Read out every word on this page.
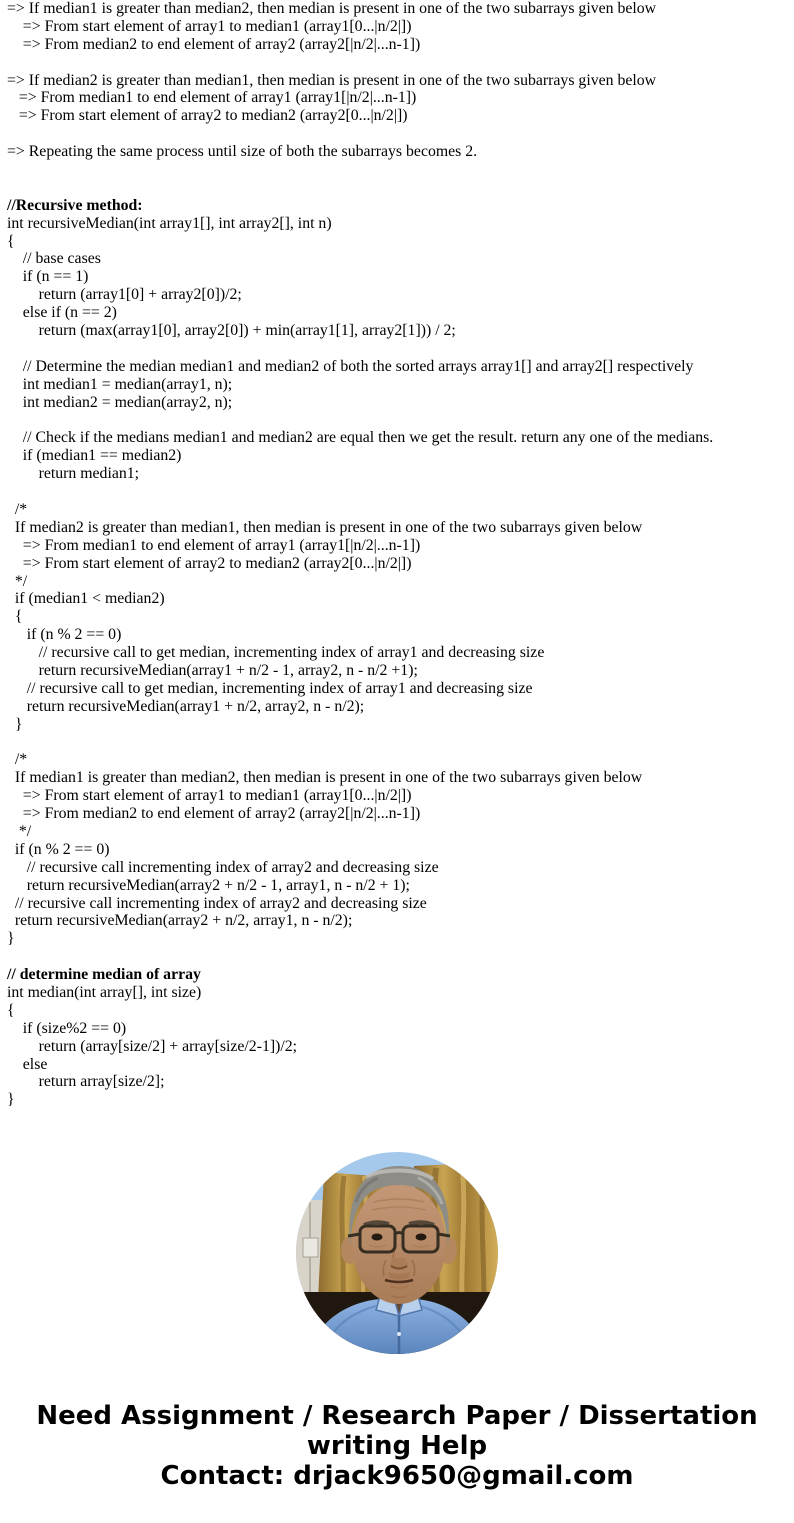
=> If median1 is greater than median2, then median is present in one of the two subarrays given below
=> From start element of array1 to median1 (array1[0...|n/2|])
=> From median2 to end element of array2 (array2[|n/2|...n-1])

=> If median2 is greater than median1, then median is present in one of the two subarrays given below
=> From median1 to end element of array1 (array1[|n/2|...n-1])
=> From start element of array2 to median2 (array2[0...|n/2|])

=> Repeating the same process until size of both the subarrays becomes 2.

//Recursive method:
int recursiveMedian(int array1[], int array2[], int n)
{
// base cases
if (n == 1)
return (array1[0] + array2[0])/2;
else if (n == 2)
return (max(array1[0], array2[0]) + min(array1[1], array2[1])) / 2;

// Determine the median median1 and median2 of both the sorted arrays array1[] and array2[] respectively
int median1 = median(array1, n);
int median2 = median(array2, n);

// Check if the medians median1 and median2 are equal then we get the result. return any one of the medians.
if (median1 == median2)
return median1;

/*
If median2 is greater than median1, then median is present in one of the two subarrays given below
=> From median1 to end element of array1 (array1[|n/2|...n-1])
=> From start element of array2 to median2 (array2[0...|n/2|])
*/
if (median1 < median2)
{
if (n % 2 == 0)
// recursive call to get median, incrementing index of array1 and decreasing size
return recursiveMedian(array1 + n/2 - 1, array2, n - n/2 +1);
// recursive call to get median, incrementing index of array1 and decreasing size
return recursiveMedian(array1 + n/2, array2, n - n/2);
}

/*
If median1 is greater than median2, then median is present in one of the two subarrays given below
=> From start element of array1 to median1 (array1[0...|n/2|])
=> From median2 to end element of array2 (array2[|n/2|...n-1])
*/
if (n % 2 == 0)
// recursive call incrementing index of array2 and decreasing size
return recursiveMedian(array2 + n/2 - 1, array1, n - n/2 + 1);
// recursive call incrementing index of array2 and decreasing size
return recursiveMedian(array2 + n/2, array1, n - n/2);
}

// determine median of array
int median(int array[], int size)
{
if (size%2 == 0)
return (array[size/2] + array[size/2-1])/2;
else
return array[size/2];
}
Need Assignment / Research Paper / Dissertation writing Help
Contact: drjack9650@gmail.com
